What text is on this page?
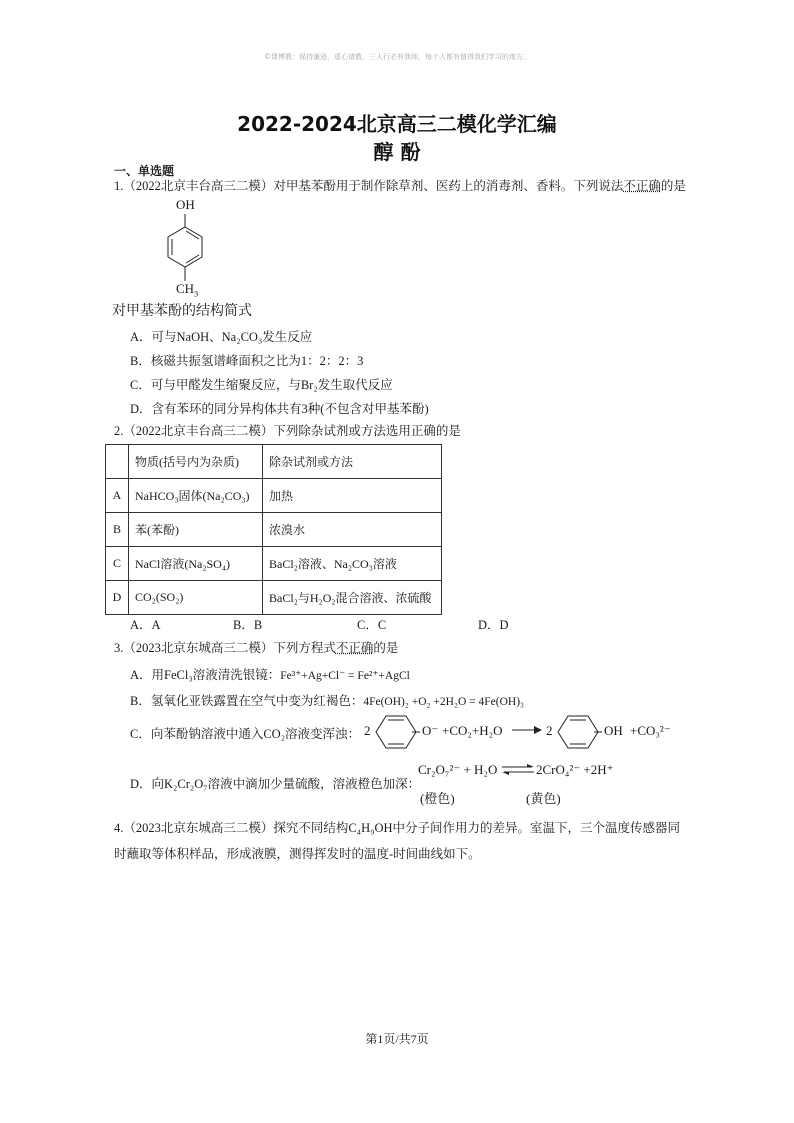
©课博教：保持谦逊，虚心请教，三人行必有我师，每个人都有值得我们学习的地方。
2022-2024北京高三二模化学汇编
醇 酚
一、单选题
1.（2022北京丰台高三二模）对甲基苯酚用于制作除草剂、医药上的消毒剂、香料。下列说法不正确的是
OH
$CH_3$
对甲基苯酚的结构简式
A．可与NaOH、Na₂CO₃发生反应
B．核磁共振氢谱峰面积之比为1：2：2：3
C．可与甲醛发生缩聚反应，与Br₂发生取代反应
D．含有苯环的同分异构体共有3种(不包含对甲基苯酚)
2.（2022北京丰台高三二模）下列除杂试剂或方法选用正确的是
	物质(括号内为杂质)	除杂试剂或方法
A	NaHCO₃固体(Na₂CO₃)	加热
B	苯(苯酚)	浓溴水
C	NaCl溶液(Na₂SO₄)	BaCl₂溶液、Na₂CO₃溶液
D	CO₂(SO₂)	BaCl₂与H₂O₂混合溶液、浓硫酸
A．A	B．B	C．C	D．D
3.（2023北京东城高三二模）下列方程式不正确的是
A．用FeCl₃溶液清洗银镜：Fe³⁺+Ag+Cl⁻ = Fe²⁺+AgCl
B．氢氧化亚铁露置在空气中变为红褐色：4Fe(OH)₂ +O₂ +2H₂O = 4Fe(OH)₃
C．向苯酚钠溶液中通入CO₂溶液变浑浊： 2	O⁻ +CO₂+H₂O → 2	OH +CO₃²⁻
D．向K₂Cr₂O₇溶液中滴加少量硫酸，溶液橙色加深：
Cr₂O₇²⁻ + H₂O ⇌ 2CrO₄²⁻ +2H⁺
(橙色)	(黄色)
4.（2023北京东城高三二模）探究不同结构C₄H₉OH中分子间作用力的差异。室温下，三个温度传感器同
时蘸取等体积样品，形成液膜，测得挥发时的温度-时间曲线如下。
第1页/共7页
